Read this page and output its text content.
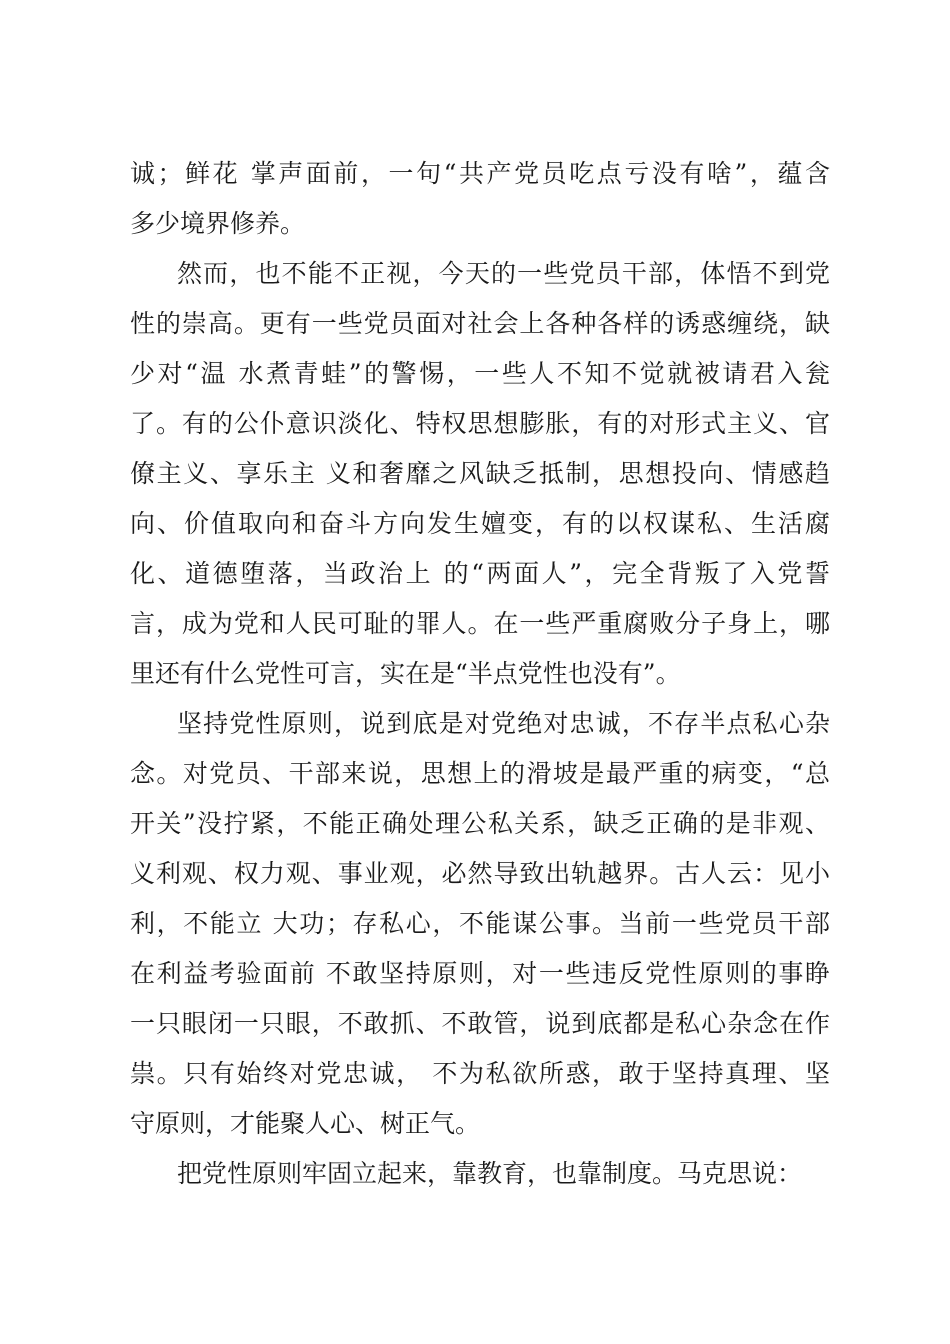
诚；鲜花 掌声面前，一句“共产党员吃点亏没有啥”，蕴含
多少境界修养。
然而，也不能不正视，今天的一些党员干部，体悟不到党
性的崇高。更有一些党员面对社会上各种各样的诱惑缠绕，缺
少对“温 水煮青蛙”的警惕，一些人不知不觉就被请君入瓮
了。有的公仆意识淡化、特权思想膨胀，有的对形式主义、官
僚主义、享乐主 义和奢靡之风缺乏抵制，思想投向、情感趋
向、价值取向和奋斗方向发生嬗变，有的以权谋私、生活腐
化、道德堕落，当政治上 的“两面人”，完全背叛了入党誓
言，成为党和人民可耻的罪人。在一些严重腐败分子身上，哪
里还有什么党性可言，实在是“半点党性也没有”。
坚持党性原则，说到底是对党绝对忠诚，不存半点私心杂
念。对党员、干部来说，思想上的滑坡是最严重的病变，“总
开关”没拧紧，不能正确处理公私关系，缺乏正确的是非观、
义利观、权力观、事业观，必然导致出轨越界。古人云：见小
利，不能立 大功；存私心，不能谋公事。当前一些党员干部
在利益考验面前 不敢坚持原则，对一些违反党性原则的事睁
一只眼闭一只眼，不敢抓、不敢管，说到底都是私心杂念在作
祟。只有始终对党忠诚， 不为私欲所惑，敢于坚持真理、坚
守原则，才能聚人心、树正气。
把党性原则牢固立起来，靠教育，也靠制度。马克思说：
